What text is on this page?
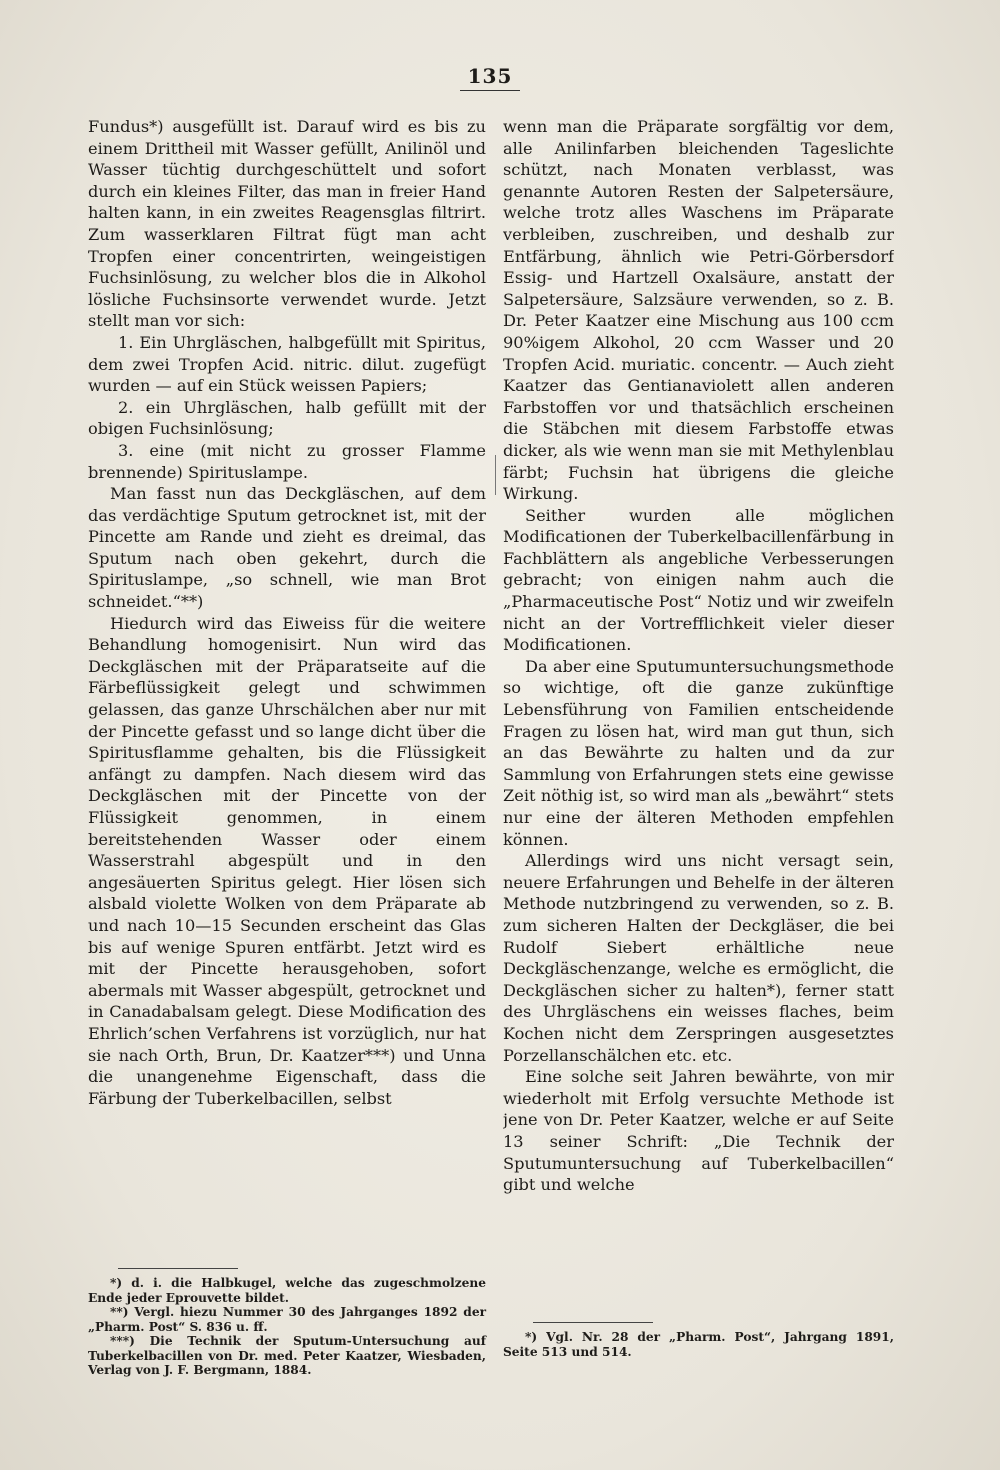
135

Fundus*) ausgefüllt ist. Darauf wird es bis zu einem Drittheil mit Wasser gefüllt, Anilinöl und Wasser tüchtig durchgeschüttelt und sofort durch ein kleines Filter, das man in freier Hand halten kann, in ein zweites Reagensglas filtrirt. Zum wasserklaren Filtrat fügt man acht Tropfen einer concentrirten, weingeistigen Fuchsinlösung, zu welcher blos die in Alkohol lösliche Fuchsinsorte verwendet wurde. Jetzt stellt man vor sich:

1. Ein Uhrgläschen, halbgefüllt mit Spiritus, dem zwei Tropfen Acid. nitric. dilut. zugefügt wurden — auf ein Stück weissen Papiers;

2. ein Uhrgläschen, halb gefüllt mit der obigen Fuchsinlösung;

3. eine (mit nicht zu grosser Flamme brennende) Spirituslampe.

Man fasst nun das Deckgläschen, auf dem das verdächtige Sputum getrocknet ist, mit der Pincette am Rande und zieht es dreimal, das Sputum nach oben gekehrt, durch die Spirituslampe, „so schnell, wie man Brot schneidet.“**)

Hiedurch wird das Eiweiss für die weitere Behandlung homogenisirt. Nun wird das Deckgläschen mit der Präparatseite auf die Färbeflüssigkeit gelegt und schwimmen gelassen, das ganze Uhrschälchen aber nur mit der Pincette gefasst und so lange dicht über die Spiritusflamme gehalten, bis die Flüssigkeit anfängt zu dampfen. Nach diesem wird das Deckgläschen mit der Pincette von der Flüssigkeit genommen, in einem bereitstehenden Wasser oder einem Wasserstrahl abgespült und in den angesäuerten Spiritus gelegt. Hier lösen sich alsbald violette Wolken von dem Präparate ab und nach 10—15 Secunden erscheint das Glas bis auf wenige Spuren entfärbt. Jetzt wird es mit der Pincette herausgehoben, sofort abermals mit Wasser abgespült, getrocknet und in Canadabalsam gelegt. Diese Modification des Ehrlich’schen Verfahrens ist vorzüglich, nur hat sie nach Orth, Brun, Dr. Kaatzer***) und Unna die unangenehme Eigenschaft, dass die Färbung der Tuberkelbacillen, selbst

wenn man die Präparate sorgfältig vor dem, alle Anilinfarben bleichenden Tageslichte schützt, nach Monaten verblasst, was genannte Autoren Resten der Salpetersäure, welche trotz alles Waschens im Präparate verbleiben, zuschreiben, und deshalb zur Entfärbung, ähnlich wie Petri-Görbersdorf Essig- und Hartzell Oxalsäure, anstatt der Salpetersäure, Salzsäure verwenden, so z. B. Dr. Peter Kaatzer eine Mischung aus 100 ccm 90%igem Alkohol, 20 ccm Wasser und 20 Tropfen Acid. muriatic. concentr. — Auch zieht Kaatzer das Gentianaviolett allen anderen Farbstoffen vor und thatsächlich erscheinen die Stäbchen mit diesem Farbstoffe etwas dicker, als wie wenn man sie mit Methylenblau färbt; Fuchsin hat übrigens die gleiche Wirkung.

Seither wurden alle möglichen Modificationen der Tuberkelbacillenfärbung in Fachblättern als angebliche Verbesserungen gebracht; von einigen nahm auch die „Pharmaceutische Post“ Notiz und wir zweifeln nicht an der Vortrefflichkeit vieler dieser Modificationen.

Da aber eine Sputumuntersuchungsmethode so wichtige, oft die ganze zukünftige Lebensführung von Familien entscheidende Fragen zu lösen hat, wird man gut thun, sich an das Bewährte zu halten und da zur Sammlung von Erfahrungen stets eine gewisse Zeit nöthig ist, so wird man als „bewährt“ stets nur eine der älteren Methoden empfehlen können.

Allerdings wird uns nicht versagt sein, neuere Erfahrungen und Behelfe in der älteren Methode nutzbringend zu verwenden, so z. B. zum sicheren Halten der Deckgläser, die bei Rudolf Siebert erhältliche neue Deckgläschenzange, welche es ermöglicht, die Deckgläschen sicher zu halten*), ferner statt des Uhrgläschens ein weisses flaches, beim Kochen nicht dem Zerspringen ausgesetztes Porzellanschälchen etc. etc.

Eine solche seit Jahren bewährte, von mir wiederholt mit Erfolg versuchte Methode ist jene von Dr. Peter Kaatzer, welche er auf Seite 13 seiner Schrift: „Die Technik der Sputumuntersuchung auf Tuberkelbacillen“ gibt und welche

*) d. i. die Halbkugel, welche das zugeschmolzene Ende jeder Eprouvette bildet.

**) Vergl. hiezu Nummer 30 des Jahrganges 1892 der „Pharm. Post“ S. 836 u. ff.

***) Die Technik der Sputum-Untersuchung auf Tuberkelbacillen von Dr. med. Peter Kaatzer, Wiesbaden, Verlag von J. F. Bergmann, 1884.

*) Vgl. Nr. 28 der „Pharm. Post“, Jahrgang 1891, Seite 513 und 514.
